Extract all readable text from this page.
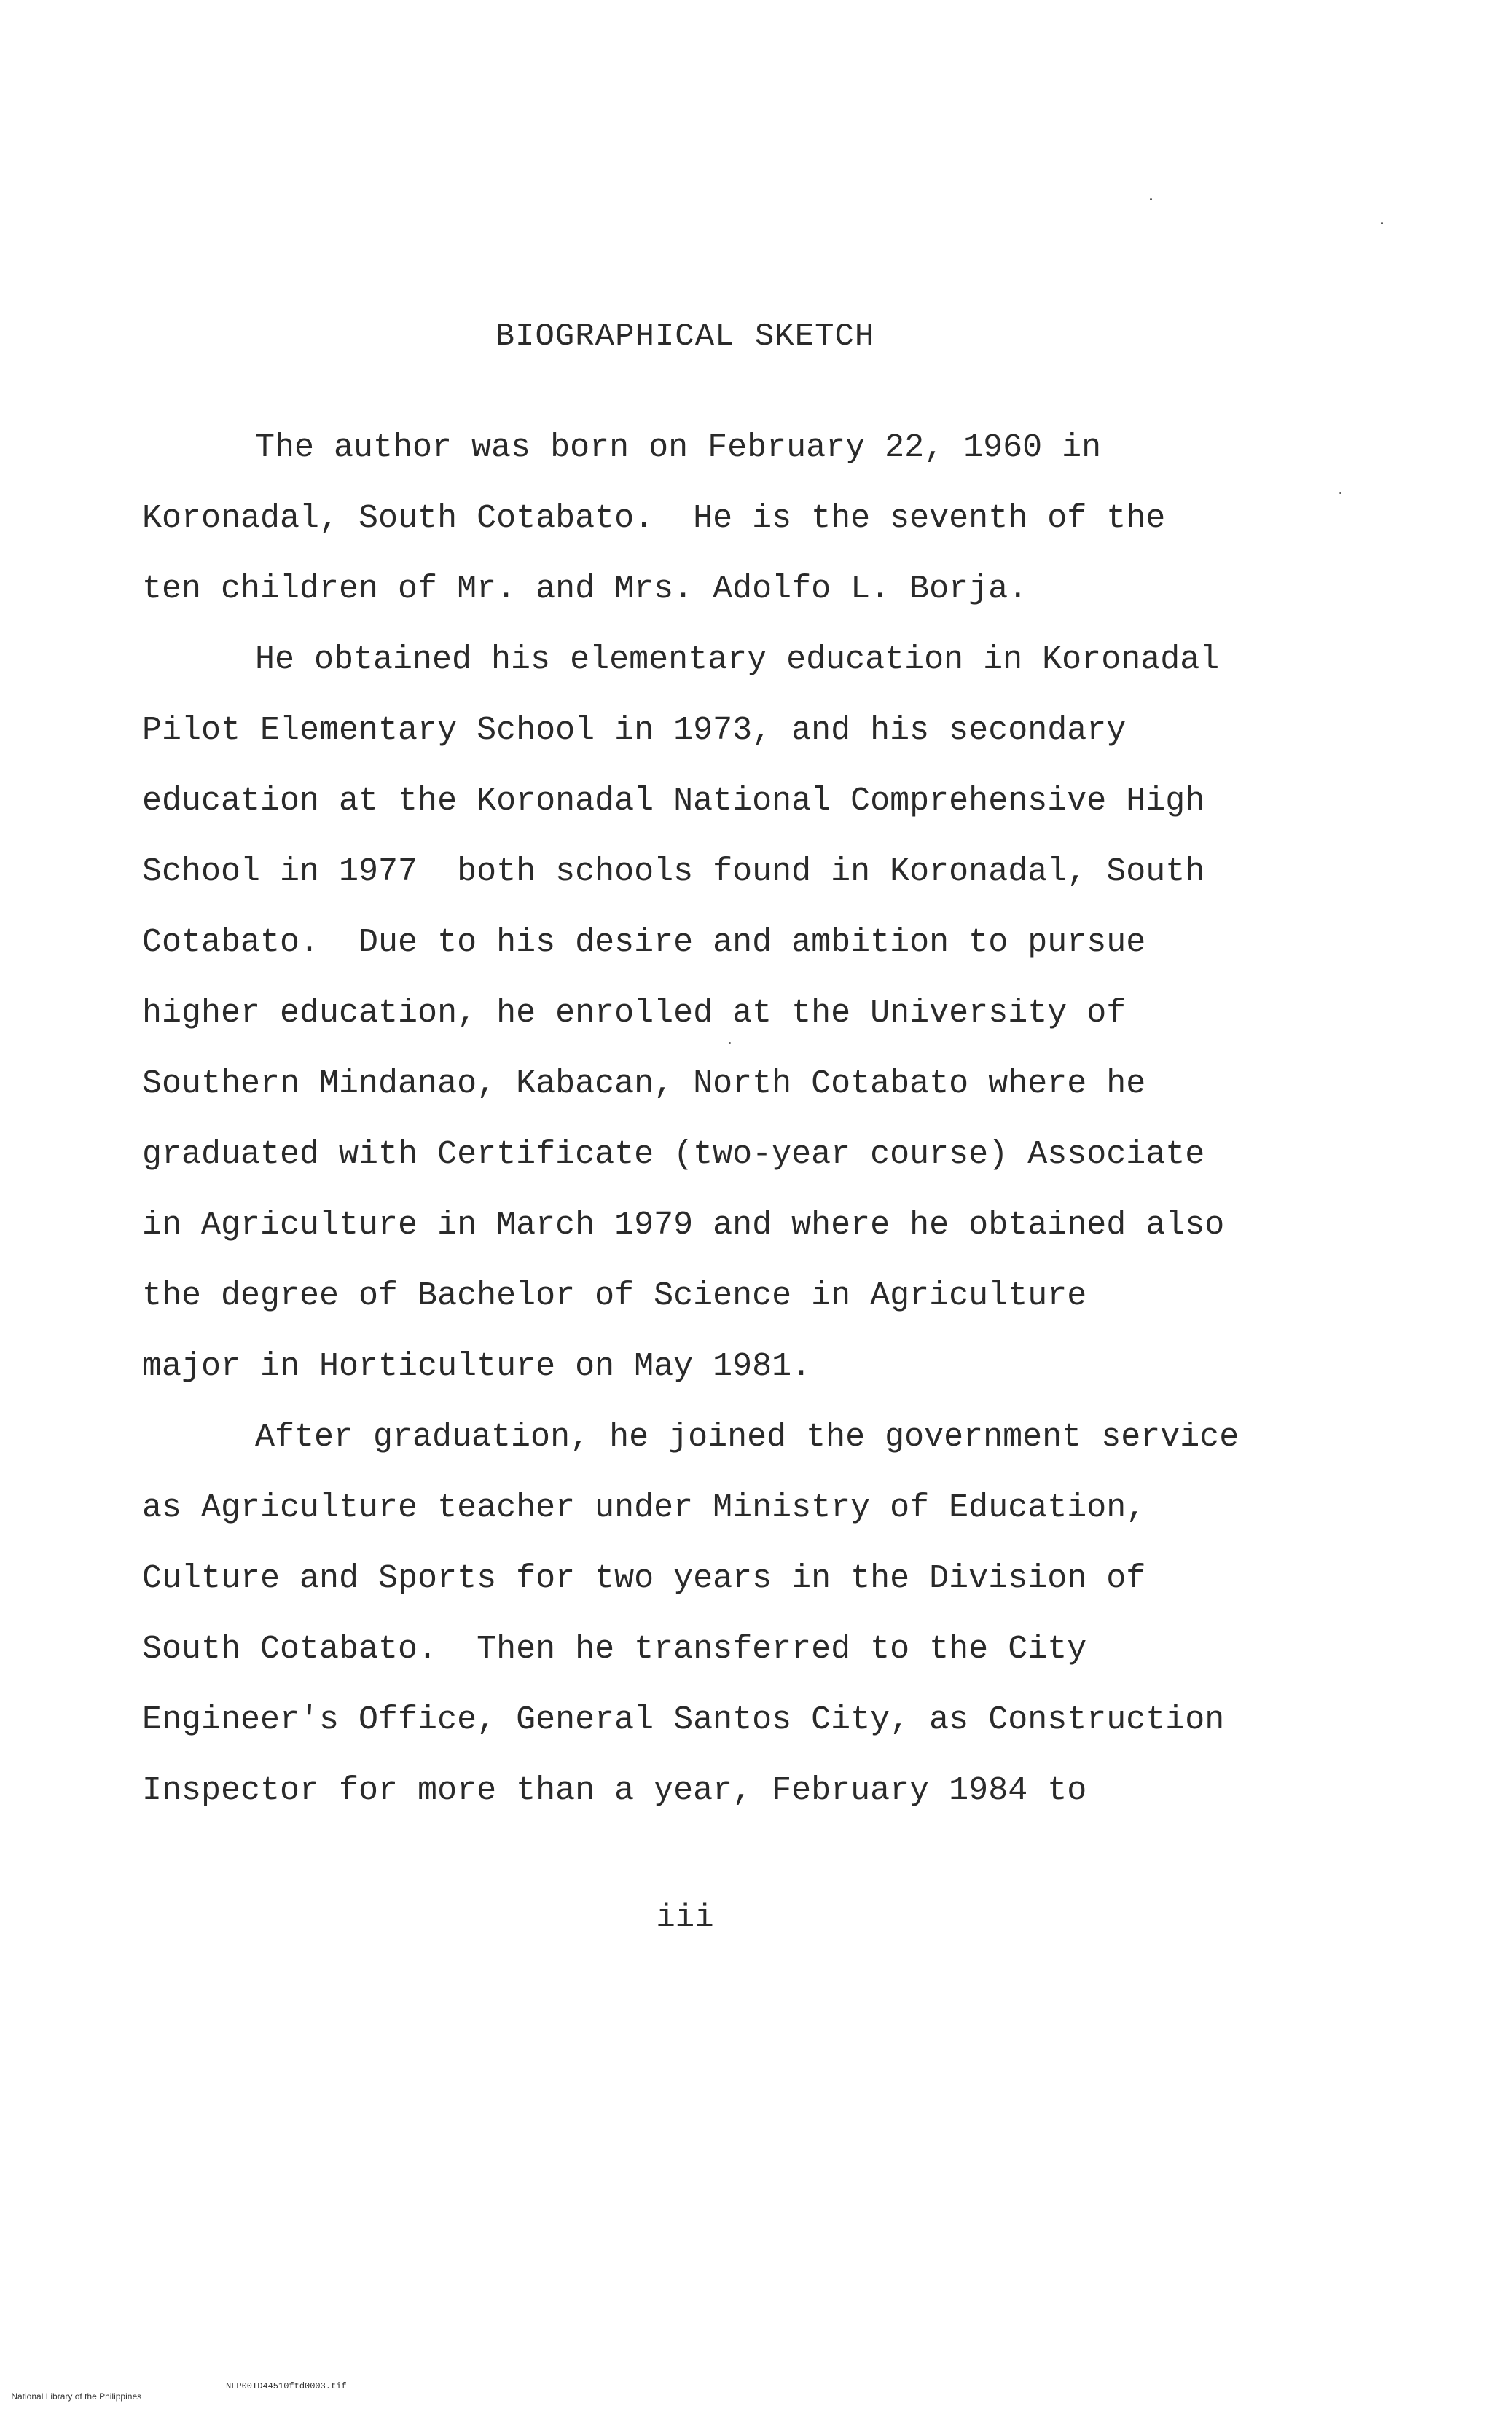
BIOGRAPHICAL SKETCH
The author was born on February 22, 1960 in
Koronadal, South Cotabato.  He is the seventh of the
ten children of Mr. and Mrs. Adolfo L. Borja.
He obtained his elementary education in Koronadal
Pilot Elementary School in 1973, and his secondary
education at the Koronadal National Comprehensive High
School in 1977  both schools found in Koronadal, South
Cotabato.  Due to his desire and ambition to pursue
higher education, he enrolled at the University of
Southern Mindanao, Kabacan, North Cotabato where he
graduated with Certificate (two-year course) Associate
in Agriculture in March 1979 and where he obtained also
the degree of Bachelor of Science in Agriculture
major in Horticulture on May 1981.
After graduation, he joined the government service
as Agriculture teacher under Ministry of Education,
Culture and Sports for two years in the Division of
South Cotabato.  Then he transferred to the City
Engineer's Office, General Santos City, as Construction
Inspector for more than a year, February 1984 to
iii

National Library of the Philippines

NLP00TD44510ftd0003.tif
